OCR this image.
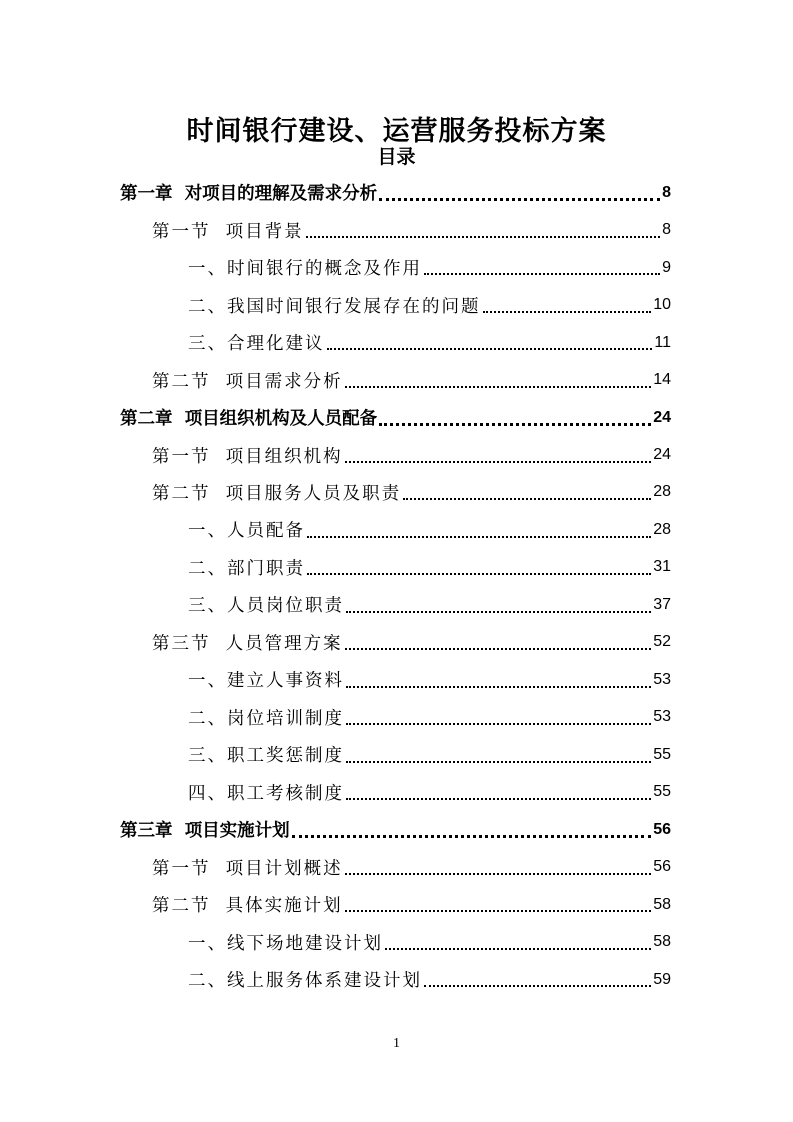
时间银行建设、运营服务投标方案
目录
第一章 对项目的理解及需求分析	8
第一节 项目背景	8
一、 时间银行的概念及作用	9
二、 我国时间银行发展存在的问题	10
三、 合理化建议	11
第二节 项目需求分析	14
第二章 项目组织机构及人员配备	24
第一节 项目组织机构	24
第二节 项目服务人员及职责	28
一、 人员配备	28
二、 部门职责	31
三、 人员岗位职责	37
第三节 人员管理方案	52
一、 建立人事资料	53
二、 岗位培训制度	53
三、 职工奖惩制度	55
四、 职工考核制度	55
第三章 项目实施计划	56
第一节 项目计划概述	56
第二节 具体实施计划	58
一、 线下场地建设计划	58
二、 线上服务体系建设计划	59
1
